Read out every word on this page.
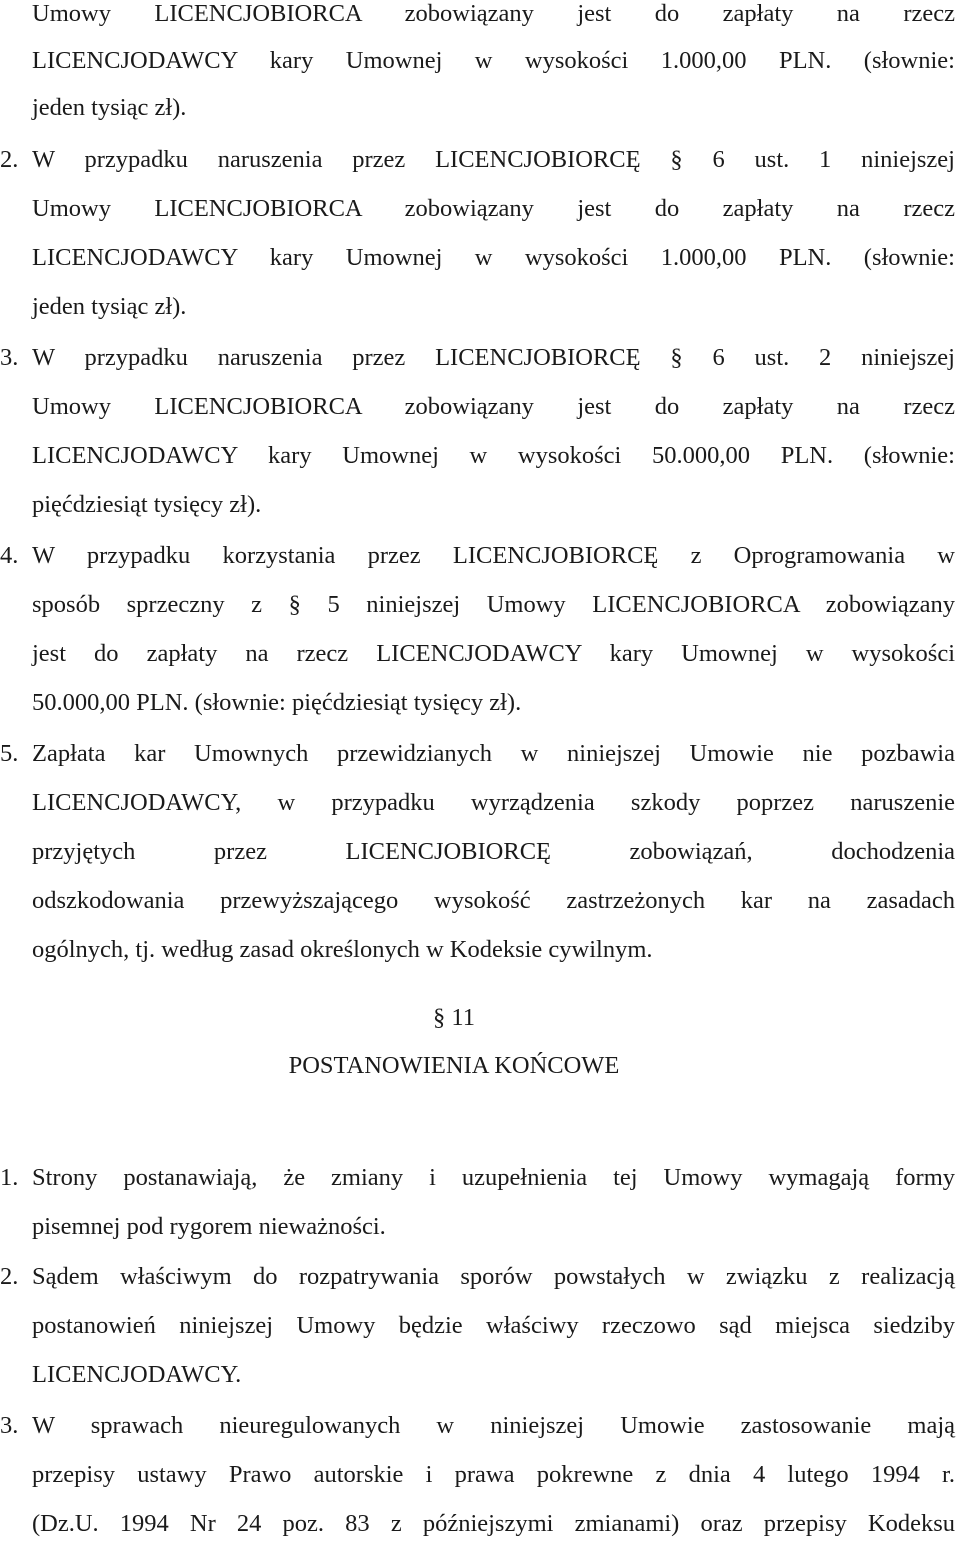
Umowy LICENCJOBIORCA zobowiązany jest do zapłaty na rzecz
LICENCJODAWCY kary Umownej w wysokości 1.000,00 PLN. (słownie:
jeden tysiąc zł).
2. W przypadku naruszenia przez LICENCJOBIORCĘ § 6 ust. 1 niniejszej
Umowy LICENCJOBIORCA zobowiązany jest do zapłaty na rzecz
LICENCJODAWCY kary Umownej w wysokości 1.000,00 PLN. (słownie:
jeden tysiąc zł).
3. W przypadku naruszenia przez LICENCJOBIORCĘ § 6 ust. 2 niniejszej
Umowy LICENCJOBIORCA zobowiązany jest do zapłaty na rzecz
LICENCJODAWCY kary Umownej w wysokości 50.000,00 PLN. (słownie:
pięćdziesiąt tysięcy zł).
4. W przypadku korzystania przez LICENCJOBIORCĘ z Oprogramowania w
sposób sprzeczny z § 5 niniejszej Umowy LICENCJOBIORCA zobowiązany
jest do zapłaty na rzecz LICENCJODAWCY kary Umownej w wysokości
50.000,00 PLN. (słownie: pięćdziesiąt tysięcy zł).
5. Zapłata kar Umownych przewidzianych w niniejszej Umowie nie pozbawia
LICENCJODAWCY, w przypadku wyrządzenia szkody poprzez naruszenie
przyjętych przez LICENCJOBIORCĘ zobowiązań, dochodzenia
odszkodowania przewyższającego wysokość zastrzeżonych kar na zasadach
ogólnych, tj. według zasad określonych w Kodeksie cywilnym.
§ 11
POSTANOWIENIA KOŃCOWE
1. Strony postanawiają, że zmiany i uzupełnienia tej Umowy wymagają formy
pisemnej pod rygorem nieważności.
2. Sądem właściwym do rozpatrywania sporów powstałych w związku z realizacją
postanowień niniejszej Umowy będzie właściwy rzeczowo sąd miejsca siedziby
LICENCJODAWCY.
3. W sprawach nieuregulowanych w niniejszej Umowie zastosowanie mają
przepisy ustawy Prawo autorskie i prawa pokrewne z dnia 4 lutego 1994 r.
(Dz.U. 1994 Nr 24 poz. 83 z późniejszymi zmianami) oraz przepisy Kodeksu
